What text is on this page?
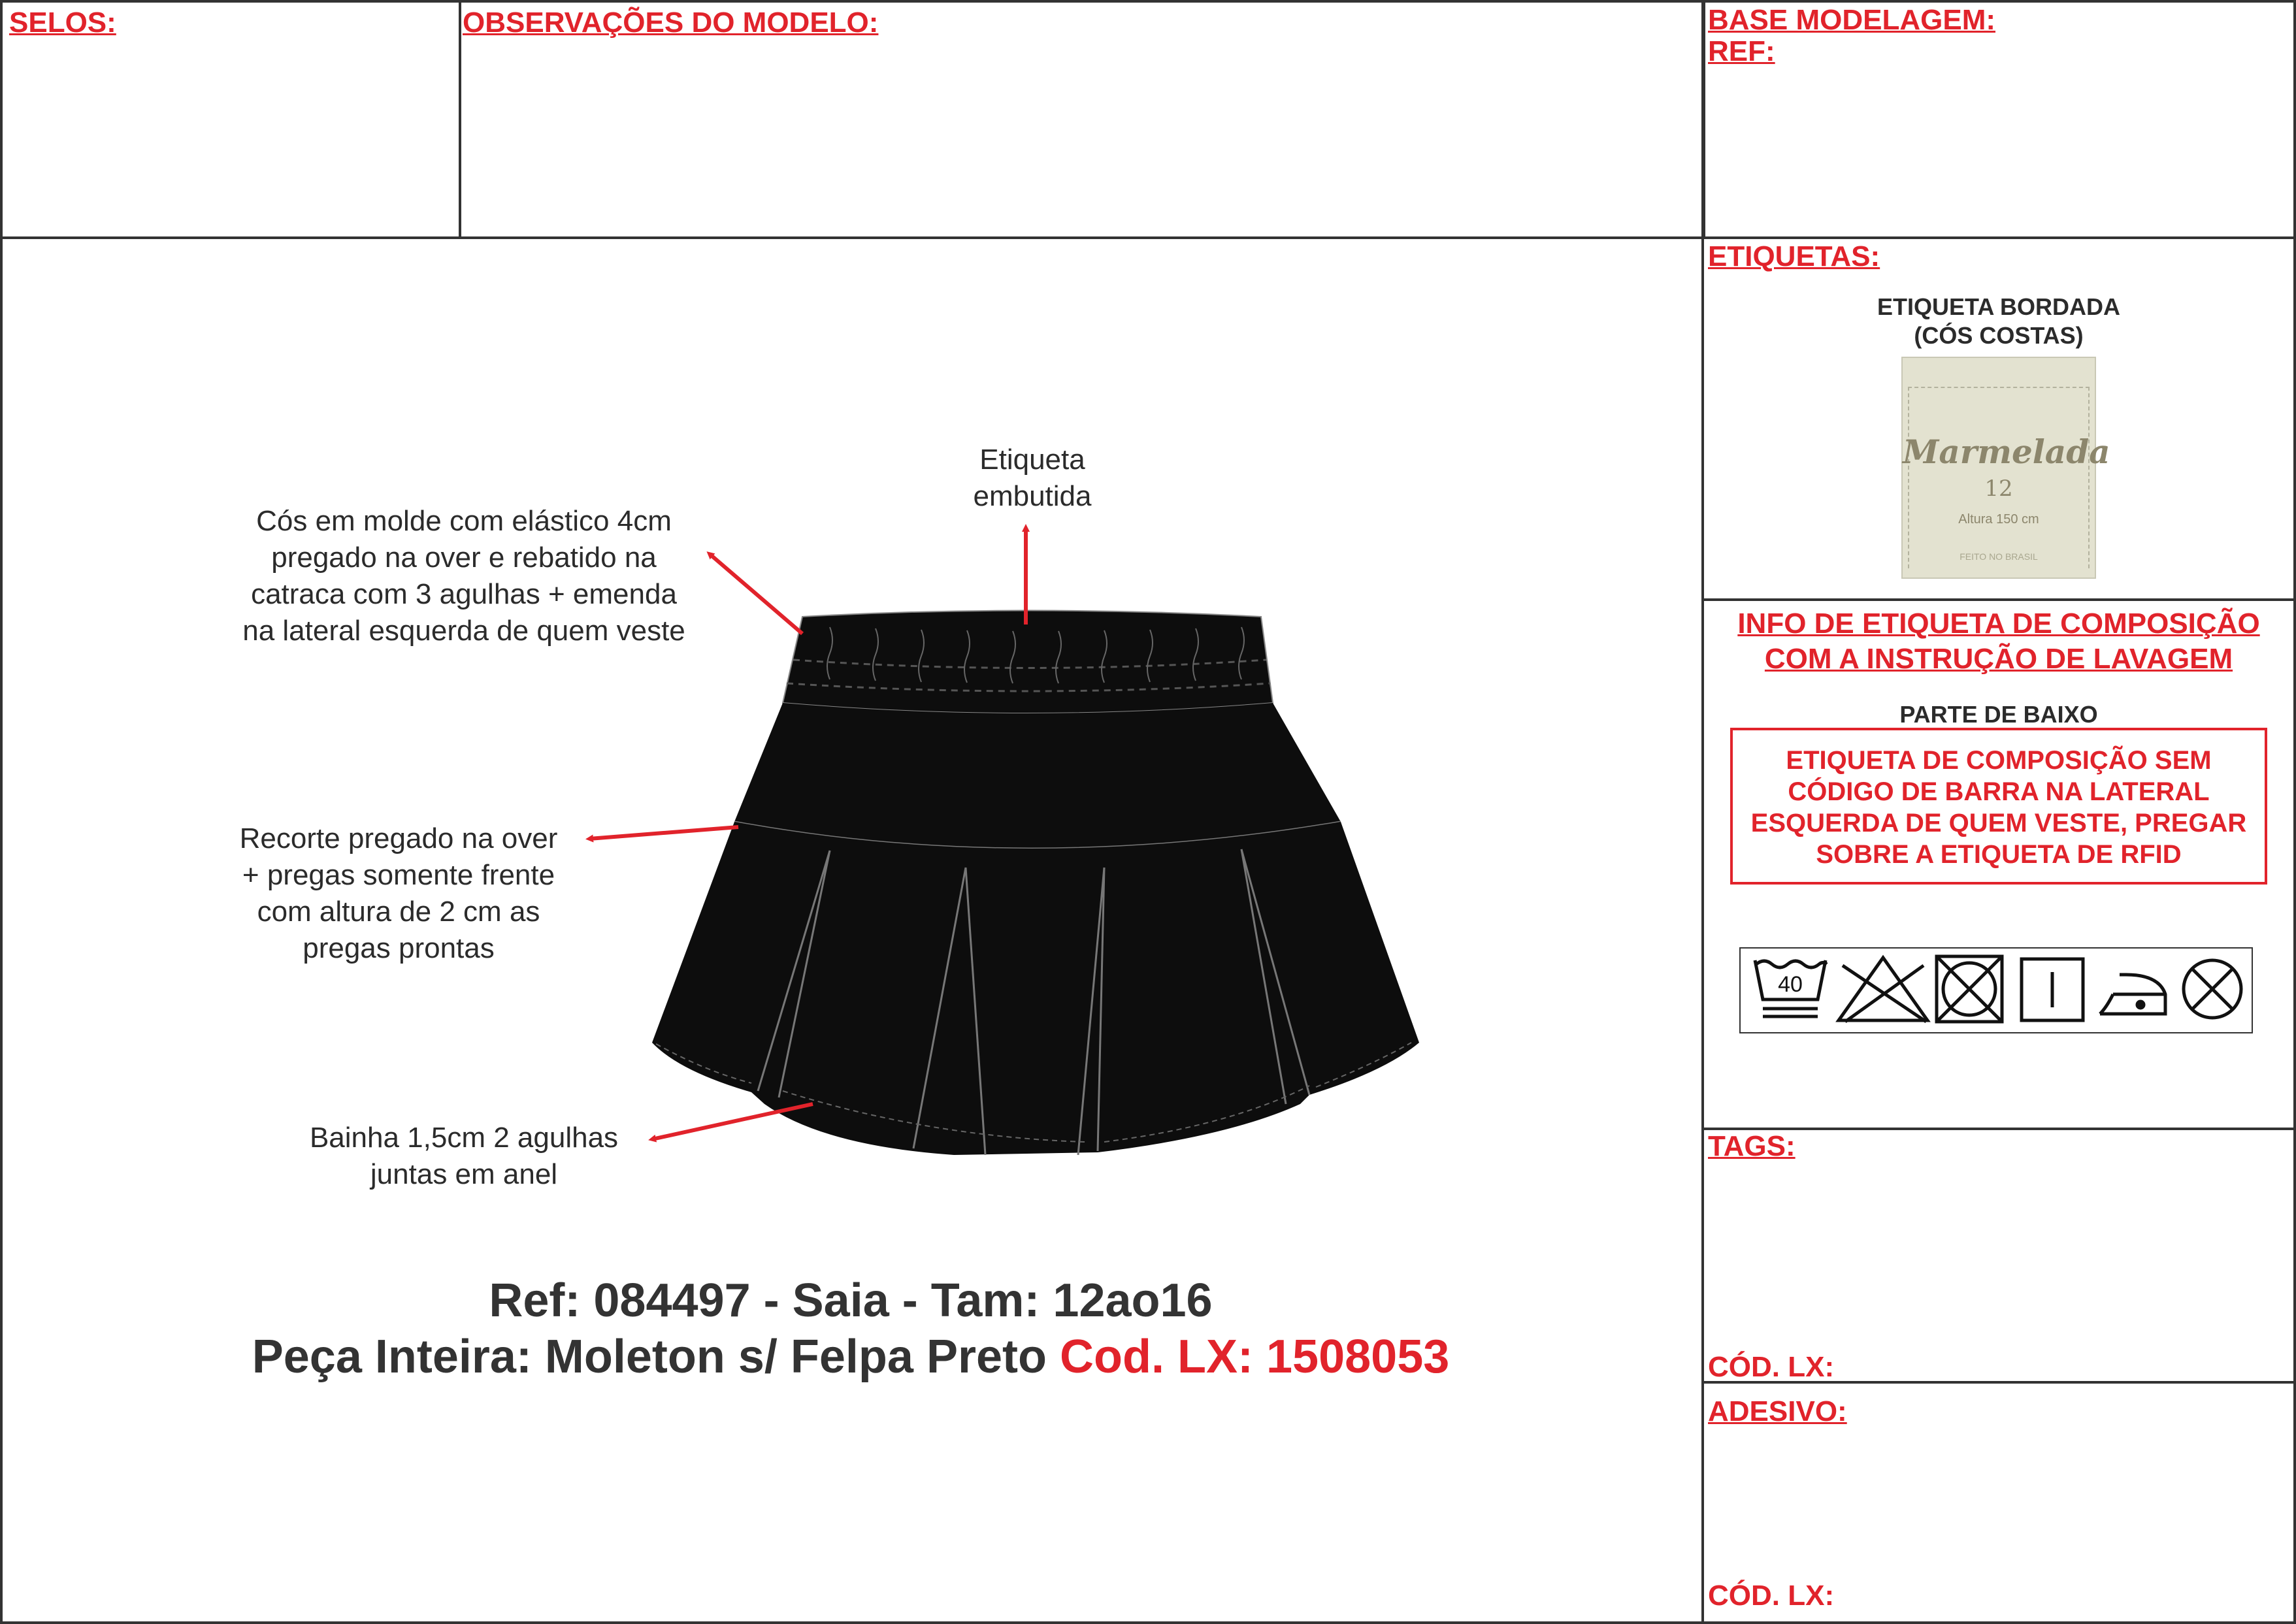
SELOS:	OBSERVAÇÕES DO MODELO:	BASE MODELAGEM:
REF:
Etiqueta
embutida
Cós em molde com elástico 4cm
pregado na over e rebatido na
catraca com 3 agulhas + emenda
na lateral esquerda de quem veste
Recorte pregado na over
+ pregas somente frente
com altura de 2 cm as
pregas prontas
Bainha 1,5cm 2 agulhas
juntas em anel
Ref: 084497 - Saia - Tam: 12ao16
Peça Inteira: Moleton s/ Felpa Preto Cod. LX: 1508053
ETIQUETAS:
ETIQUETA BORDADA
(CÓS COSTAS)
Marmelada
12
Altura 150 cm
FEITO NO BRASIL
INFO DE ETIQUETA DE COMPOSIÇÃO
COM A INSTRUÇÃO DE LAVAGEM
PARTE DE BAIXO
ETIQUETA DE COMPOSIÇÃO SEM
CÓDIGO DE BARRA NA LATERAL
ESQUERDA DE QUEM VESTE, PREGAR
SOBRE A ETIQUETA DE RFID
40
TAGS:
CÓD. LX:
ADESIVO:
CÓD. LX:
